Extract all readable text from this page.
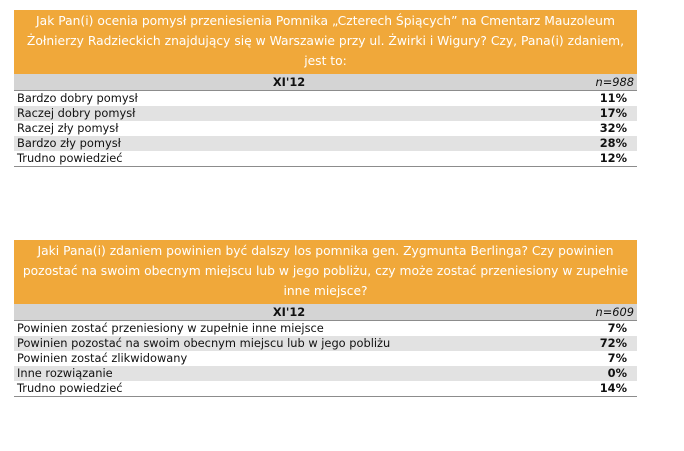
Jak Pan(i) ocenia pomysł przeniesienia Pomnika „Czterech Śpiących” na Cmentarz Mauzoleum Żołnierzy Radzieckich znajdujący się w Warszawie przy ul. Żwirki i Wigury? Czy, Pana(i) zdaniem, jest to:
XI'12	n=988
Bardzo dobry pomysł	11%
Raczej dobry pomysł	17%
Raczej zły pomysł	32%
Bardzo zły pomysł	28%
Trudno powiedzieć	12%
Jaki Pana(i) zdaniem powinien być dalszy los pomnika gen. Zygmunta Berlinga? Czy powinien pozostać na swoim obecnym miejscu lub w jego pobliżu, czy może zostać przeniesiony w zupełnie inne miejsce?
XI'12	n=609
Powinien zostać przeniesiony w zupełnie inne miejsce	7%
Powinien pozostać na swoim obecnym miejscu lub w jego pobliżu	72%
Powinien zostać zlikwidowany	7%
Inne rozwiązanie	0%
Trudno powiedzieć	14%
